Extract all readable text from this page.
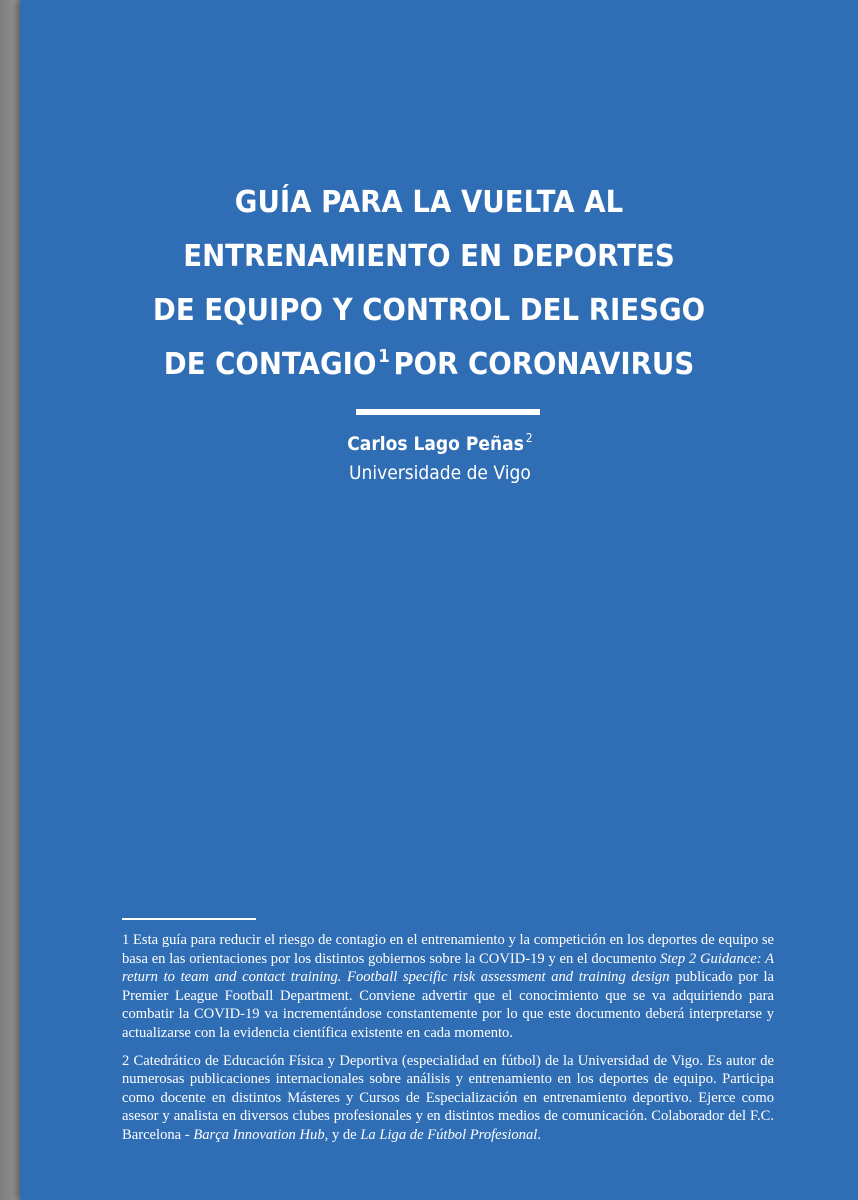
GUÍA PARA LA VUELTA AL
ENTRENAMIENTO EN DEPORTES
DE EQUIPO Y CONTROL DEL RIESGO
DE CONTAGIO $^1$ POR CORONAVIRUS
Carlos Lago Peñas $^2$
Universidade de Vigo

1 Esta guía para reducir el riesgo de contagio en el entrenamiento y la competición en los deportes de equipo se basa en las orientaciones por los distintos gobiernos sobre la COVID-19 y en el documento Step 2 Guidance: A return to team and contact training. Football specific risk assessment and training design publicado por la Premier League Football Department. Conviene advertir que el conocimiento que se va adquiriendo para combatir la COVID-19 va incrementándose constantemente por lo que este documento deberá interpretarse y actualizarse con la evidencia científica existente en cada momento.

2 Catedrático de Educación Física y Deportiva (especialidad en fútbol) de la Universidad de Vigo. Es autor de numerosas publicaciones internacionales sobre análisis y entrenamiento en los deportes de equipo. Participa como docente en distintos Másteres y Cursos de Especialización en entrenamiento deportivo. Ejerce como asesor y analista en diversos clubes profesionales y en distintos medios de comunicación. Colaborador del F.C. Barcelona - Barça Innovation Hub, y de La Liga de Fútbol Profesional.
